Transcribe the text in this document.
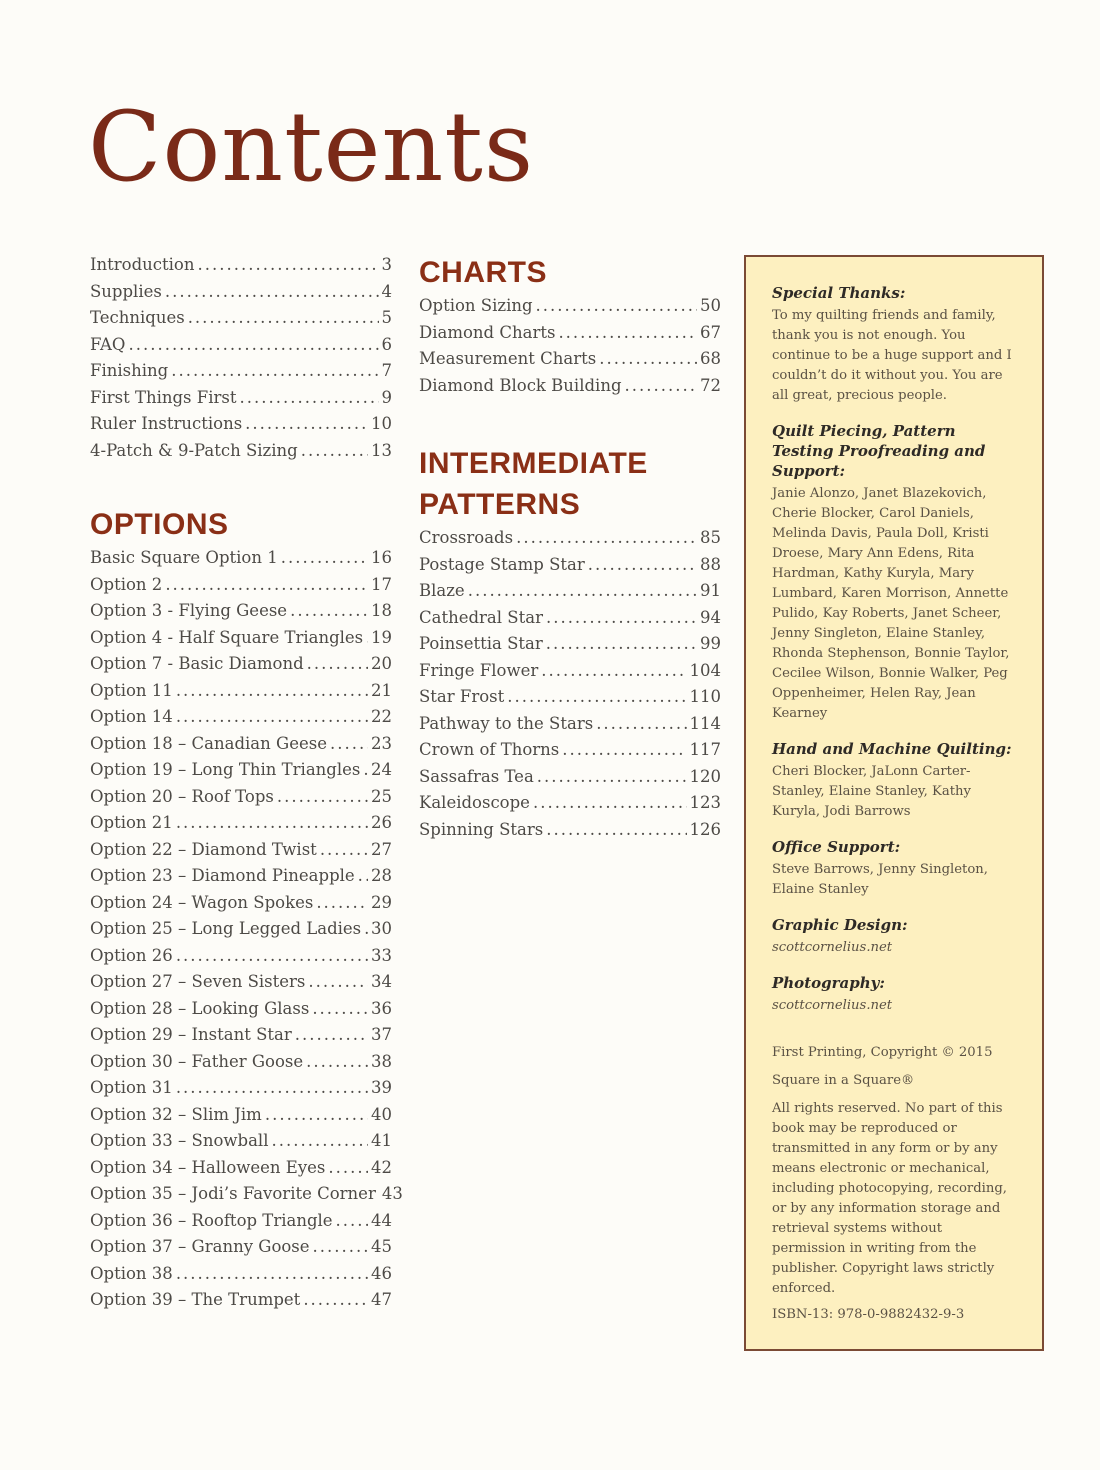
Contents
Introduction .....	3
Supplies .....	4
Techniques .....	5
FAQ .....	6
Finishing .....	7
First Things First .....	9
Ruler Instructions .....	10
4-Patch & 9-Patch Sizing .....	13
OPTIONS
Basic Square Option 1 .....	16
Option 2 .....	17
Option 3 - Flying Geese .....	18
Option 4 - Half Square Triangles ..... 19
Option 7 - Basic Diamond .....	20
Option 11 .....	21
Option 14 .....	22
Option 18 – Canadian Geese .....	23
Option 19 – Long Thin Triangles ..... 24
Option 20 – Roof Tops .....	25
Option 21 .....	26
Option 22 – Diamond Twist .....	27
Option 23 – Diamond Pineapple ..... 28
Option 24 – Wagon Spokes .....	29
Option 25 – Long Legged Ladies ..... 30
Option 26 .....	33
Option 27 – Seven Sisters .....	34
Option 28 – Looking Glass .....	36
Option 29 – Instant Star .....	37
Option 30 – Father Goose .....	38
Option 31 .....	39
Option 32 – Slim Jim .....	40
Option 33 – Snowball .....	41
Option 34 – Halloween Eyes .....	42
Option 35 – Jodi’s Favorite Corner 43
Option 36 – Rooftop Triangle ..... 44
Option 37 – Granny Goose .....	45
Option 38 .....	46
Option 39 – The Trumpet .....	47
CHARTS
Option Sizing .....	50
Diamond Charts .....	67
Measurement Charts .....	68
Diamond Block Building .....	72
INTERMEDIATE
PATTERNS
Crossroads .....	85
Postage Stamp Star .....	88
Blaze .....	91
Cathedral Star .....	94
Poinsettia Star .....	99
Fringe Flower .....	104
Star Frost .....	110
Pathway to the Stars .....	114
Crown of Thorns .....	117
Sassafras Tea .....	120
Kaleidoscope .....	123
Spinning Stars .....	126

Special Thanks:

To my quilting friends and family, thank you is not enough. You continue to be a huge support and I couldn’t do it without you. You are all great, precious people.

Quilt Piecing, Pattern Testing Proofreading and Support:

Janie Alonzo, Janet Blazekovich, Cherie Blocker, Carol Daniels, Melinda Davis, Paula Doll, Kristi Droese, Mary Ann Edens, Rita Hardman, Kathy Kuryla, Mary Lumbard, Karen Morrison, Annette Pulido, Kay Roberts, Janet Scheer, Jenny Singleton, Elaine Stanley, Rhonda Stephenson, Bonnie Taylor, Cecilee Wilson, Bonnie Walker, Peg Oppenheimer, Helen Ray, Jean Kearney

Hand and Machine Quilting:

Cheri Blocker, JaLonn Carter-Stanley, Elaine Stanley, Kathy Kuryla, Jodi Barrows

Office Support:

Steve Barrows, Jenny Singleton, Elaine Stanley

Graphic Design:

scottcornelius.net

Photography:

scottcornelius.net

First Printing, Copyright © 2015

Square in a Square®

All rights reserved. No part of this book may be reproduced or transmitted in any form or by any means electronic or mechanical, including photocopying, recording, or by any information storage and retrieval systems without permission in writing from the publisher. Copyright laws strictly enforced.

ISBN-13: 978-0-9882432-9-3
